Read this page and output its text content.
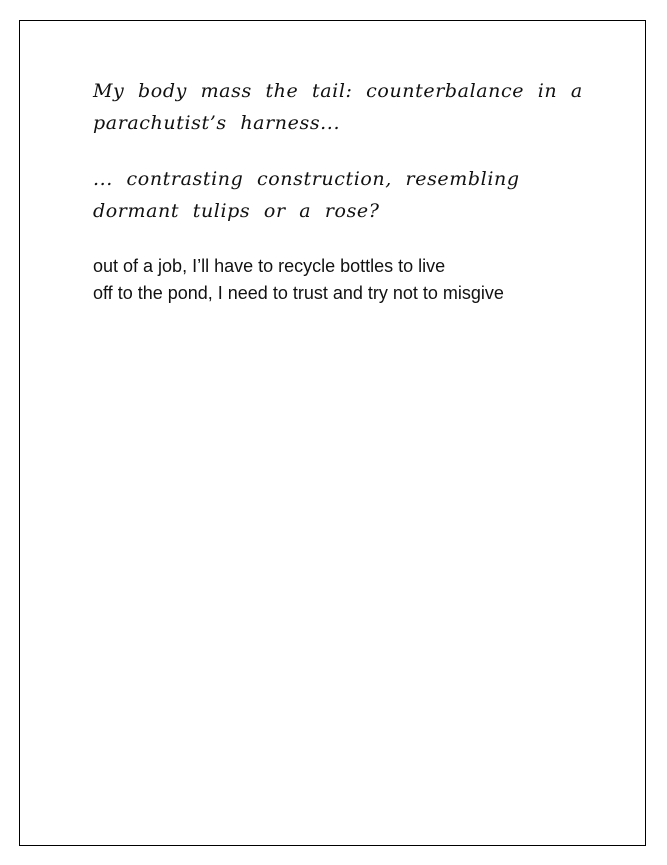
My body mass the tail: counterbalance in a
parachutist’s harness...

... contrasting construction, resembling
dormant tulips or a rose?

out of a job, I’ll have to recycle bottles to live
off to the pond, I need to trust and try not to misgive
